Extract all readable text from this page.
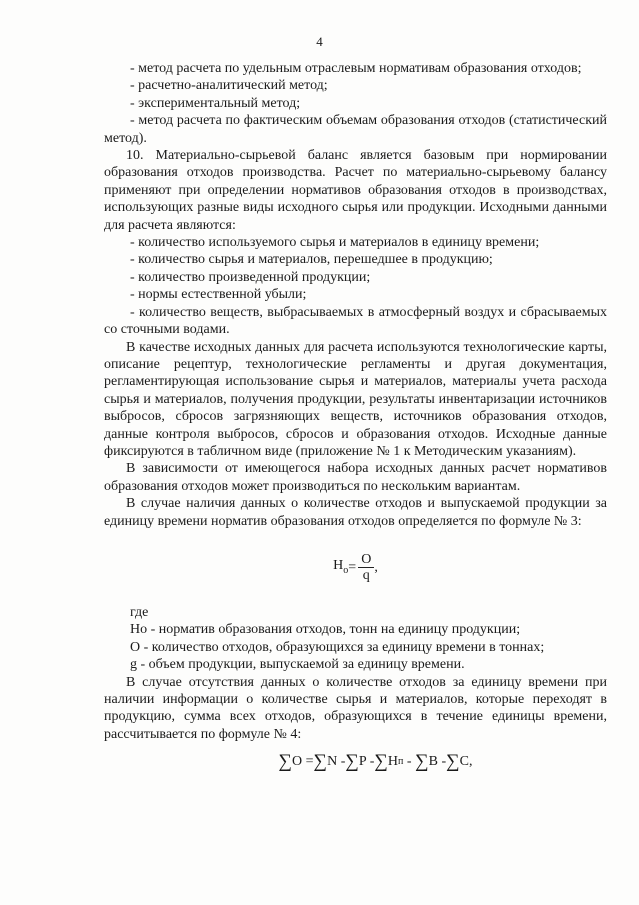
4

- метод расчета по удельным отраслевым нормативам образования отходов;

- расчетно-аналитический метод;

- экспериментальный метод;

- метод расчета по фактическим объемам образования отходов (статистический метод).

10. Материально-сырьевой баланс является базовым при нормировании образования отходов производства. Расчет по материально-сырьевому балансу применяют при определении нормативов образования отходов в производствах, использующих разные виды исходного сырья или продукции. Исходными данными для расчета являются:

- количество используемого сырья и материалов в единицу времени;

- количество сырья и материалов, перешедшее в продукцию;

- количество произведенной продукции;

- нормы естественной убыли;

- количество веществ, выбрасываемых в атмосферный воздух и сбрасываемых со сточными водами.

В качестве исходных данных для расчета используются технологические карты, описание рецептур, технологические регламенты и другая документация, регламентирующая использование сырья и материалов, материалы учета расхода сырья и материалов, получения продукции, результаты инвентаризации источников выбросов, сбросов загрязняющих веществ, источников образования отходов, данные контроля выбросов, сбросов и образования отходов. Исходные данные фиксируются в табличном виде (приложение № 1 к Методическим указаниям).

В зависимости от имеющегося набора исходных данных расчет нормативов образования отходов может производиться по нескольким вариантам.

В случае наличия данных о количестве отходов и выпускаемой продукции за единицу времени норматив образования отходов определяется по формуле № 3:

$H_о = \frac{O}{q}$ ,

где

Hо - норматив образования отходов, тонн на единицу продукции;

О - количество отходов, образующихся за единицу времени в тоннах;

g - объем продукции, выпускаемой за единицу времени.

В случае отсутствия данных о количестве отходов за единицу времени при наличии информации о количестве сырья и материалов, которые переходят в продукцию, сумма всех отходов, образующихся в течение единицы времени, рассчитывается по формуле № 4:

∑ O = ∑ N - ∑ P - ∑ H п - ∑ B - ∑ C,
